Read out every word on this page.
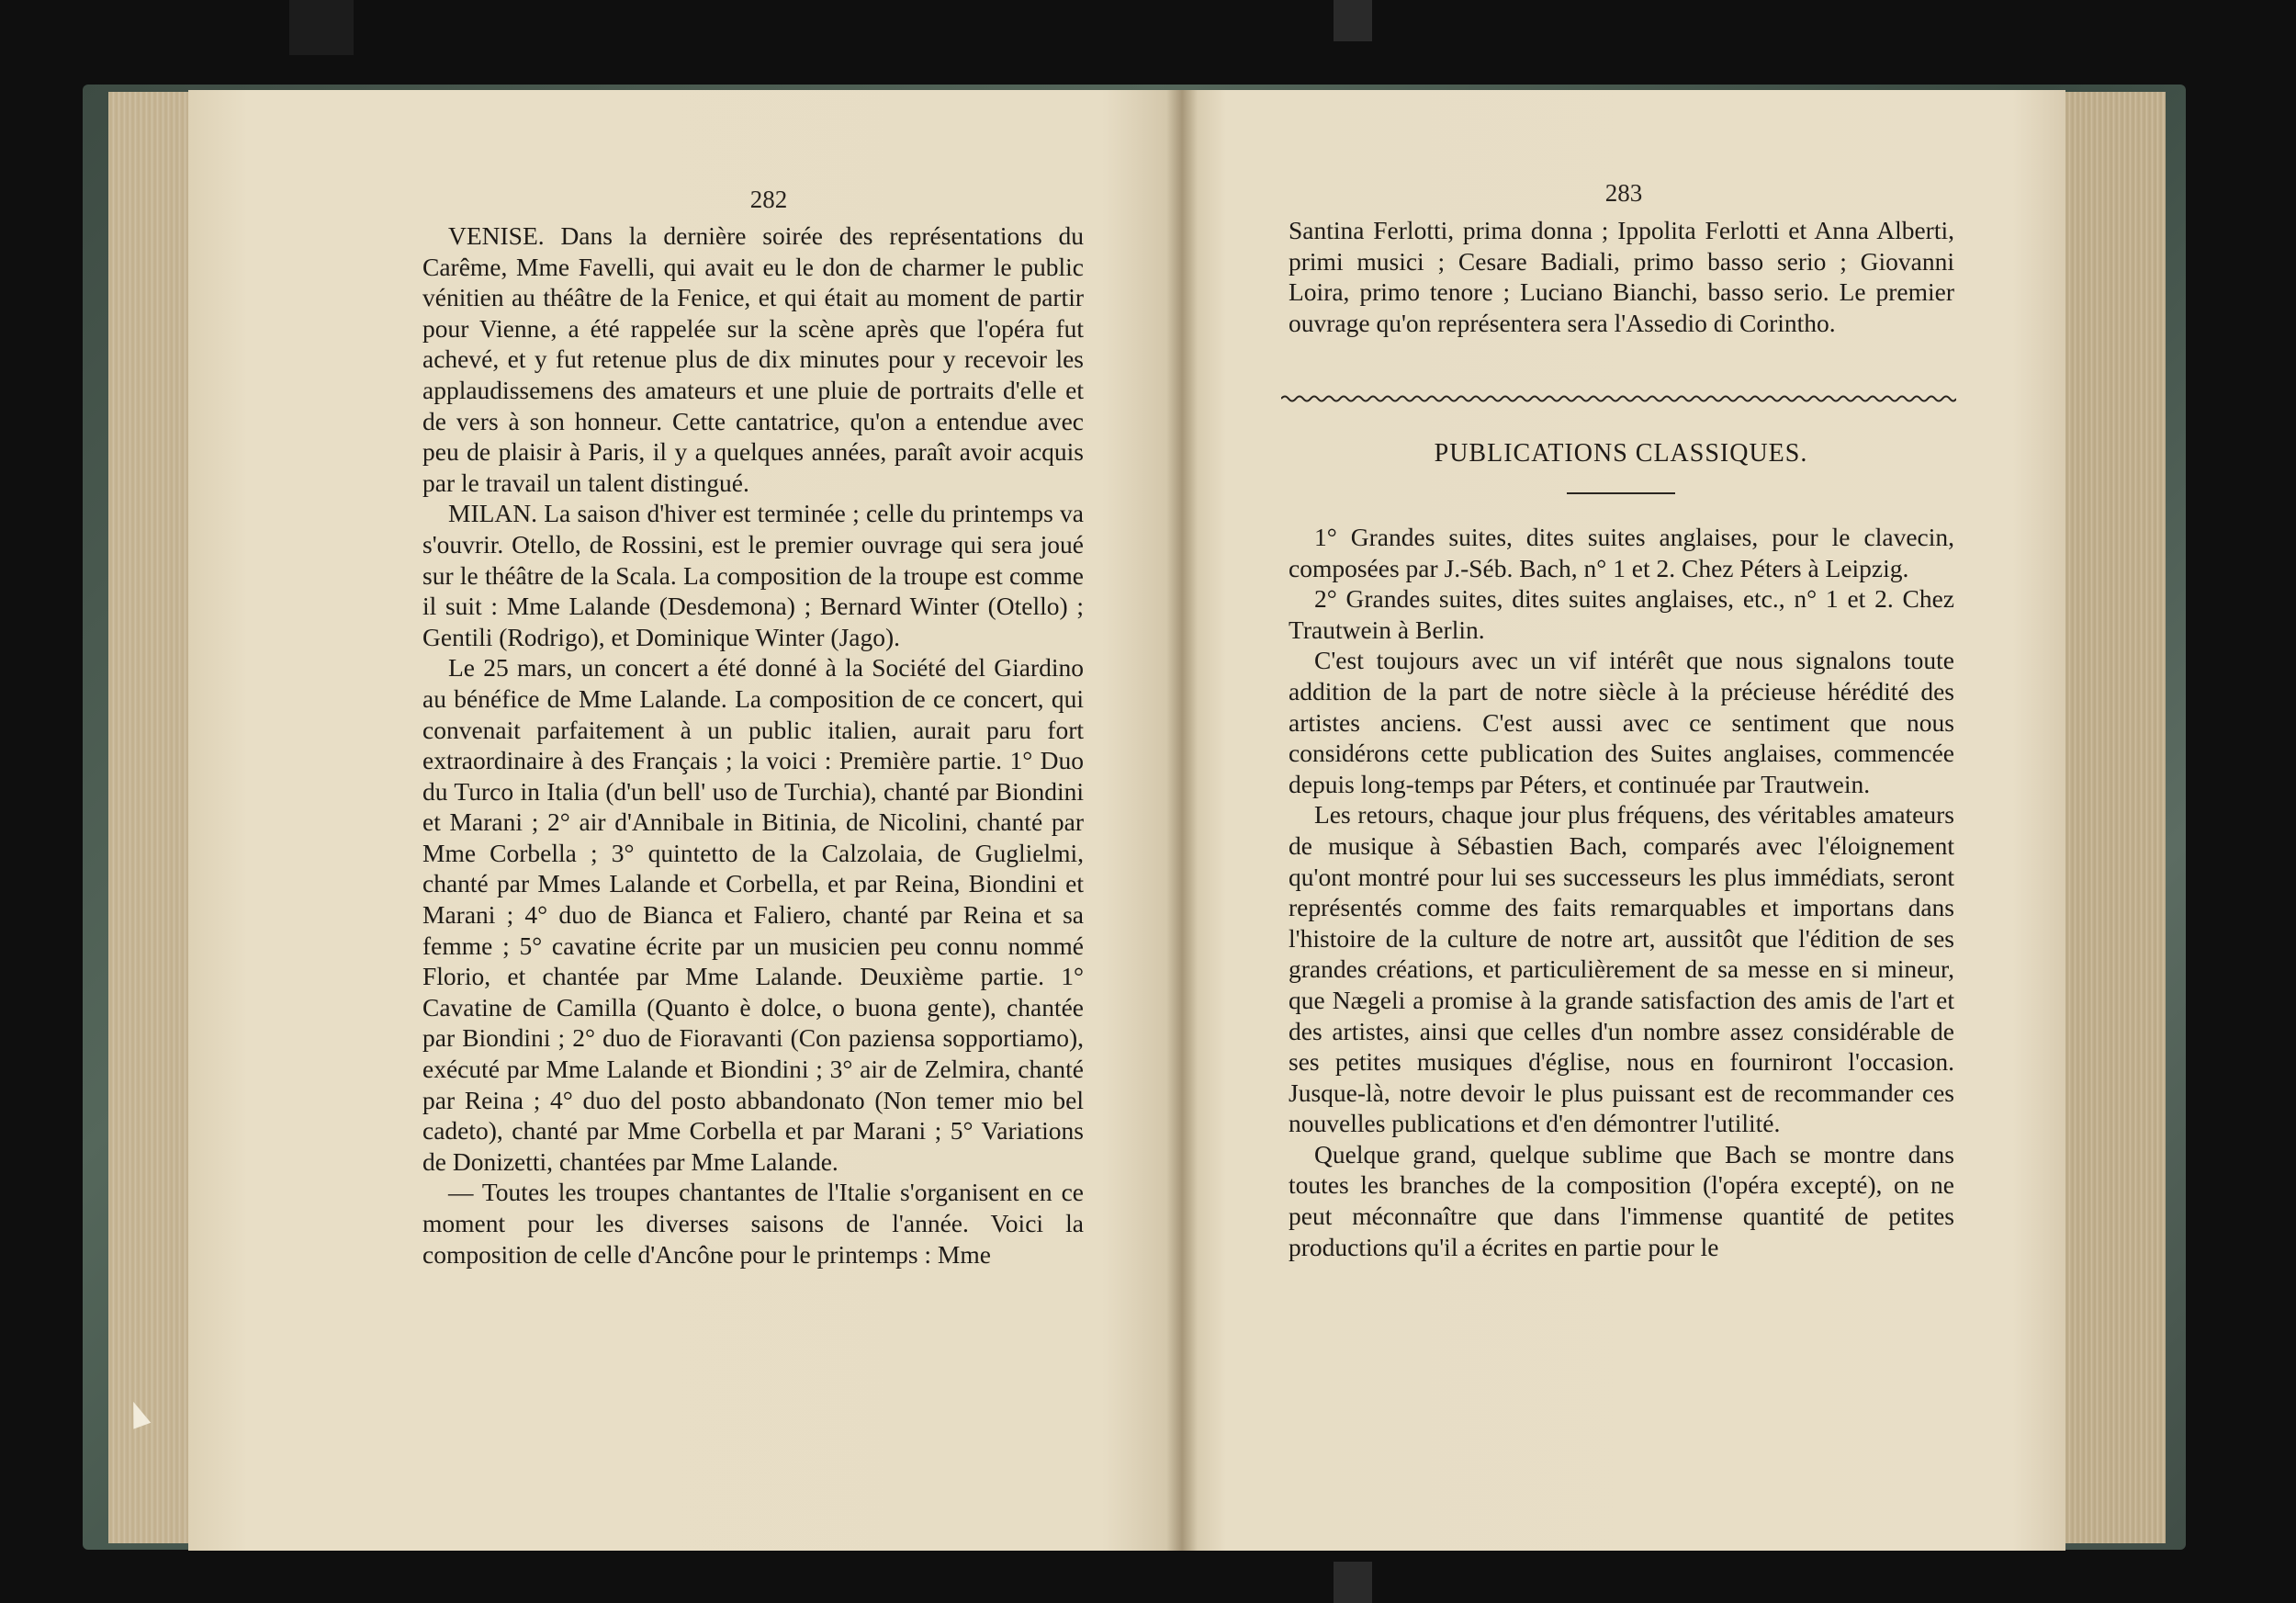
282

VENISE. Dans la dernière soirée des représentations du Carême, Mme Favelli, qui avait eu le don de charmer le public vénitien au théâtre de la Fenice, et qui était au moment de partir pour Vienne, a été rappelée sur la scène après que l'opéra fut achevé, et y fut retenue plus de dix minutes pour y recevoir les applaudissemens des amateurs et une pluie de portraits d'elle et de vers à son honneur. Cette cantatrice, qu'on a entendue avec peu de plaisir à Paris, il y a quelques années, paraît avoir acquis par le travail un talent distingué.

MILAN. La saison d'hiver est terminée ; celle du printemps va s'ouvrir. Otello, de Rossini, est le premier ouvrage qui sera joué sur le théâtre de la Scala. La composition de la troupe est comme il suit : Mme Lalande (Desdemona) ; Bernard Winter (Otello) ; Gentili (Rodrigo), et Dominique Winter (Jago).

Le 25 mars, un concert a été donné à la Société del Giardino au bénéfice de Mme Lalande. La composition de ce concert, qui convenait parfaitement à un public italien, aurait paru fort extraordinaire à des Français ; la voici : Première partie. 1° Duo du Turco in Italia (d'un bell' uso de Turchia), chanté par Biondini et Marani ; 2° air d'Annibale in Bitinia, de Nicolini, chanté par Mme Corbella ; 3° quintetto de la Calzolaia, de Guglielmi, chanté par Mmes Lalande et Corbella, et par Reina, Biondini et Marani ; 4° duo de Bianca et Faliero, chanté par Reina et sa femme ; 5° cavatine écrite par un musicien peu connu nommé Florio, et chantée par Mme Lalande. Deuxième partie. 1° Cavatine de Camilla (Quanto è dolce, o buona gente), chantée par Biondini ; 2° duo de Fioravanti (Con paziensa sopportiamo), exécuté par Mme Lalande et Biondini ; 3° air de Zelmira, chanté par Reina ; 4° duo del posto abbandonato (Non temer mio bel cadeto), chanté par Mme Corbella et par Marani ; 5° Variations de Donizetti, chantées par Mme Lalande.

— Toutes les troupes chantantes de l'Italie s'organisent en ce moment pour les diverses saisons de l'année. Voici la composition de celle d'Ancône pour le printemps : Mme

283

Santina Ferlotti, prima donna ; Ippolita Ferlotti et Anna Alberti, primi musici ; Cesare Badiali, primo basso serio ; Giovanni Loira, primo tenore ; Luciano Bianchi, basso serio. Le premier ouvrage qu'on représentera sera l'Assedio di Corintho.

PUBLICATIONS CLASSIQUES.

1° Grandes suites, dites suites anglaises, pour le clavecin, composées par J.-Séb. Bach, n° 1 et 2. Chez Péters à Leipzig.

2° Grandes suites, dites suites anglaises, etc., n° 1 et 2. Chez Trautwein à Berlin.

C'est toujours avec un vif intérêt que nous signalons toute addition de la part de notre siècle à la précieuse hérédité des artistes anciens. C'est aussi avec ce sentiment que nous considérons cette publication des Suites anglaises, commencée depuis long-temps par Péters, et continuée par Trautwein.

Les retours, chaque jour plus fréquens, des véritables amateurs de musique à Sébastien Bach, comparés avec l'éloignement qu'ont montré pour lui ses successeurs les plus immédiats, seront représentés comme des faits remarquables et importans dans l'histoire de la culture de notre art, aussitôt que l'édition de ses grandes créations, et particulièrement de sa messe en si mineur, que Nægeli a promise à la grande satisfaction des amis de l'art et des artistes, ainsi que celles d'un nombre assez considérable de ses petites musiques d'église, nous en fourniront l'occasion. Jusque-là, notre devoir le plus puissant est de recommander ces nouvelles publications et d'en démontrer l'utilité.

Quelque grand, quelque sublime que Bach se montre dans toutes les branches de la composition (l'opéra excepté), on ne peut méconnaître que dans l'immense quantité de petites productions qu'il a écrites en partie pour le
